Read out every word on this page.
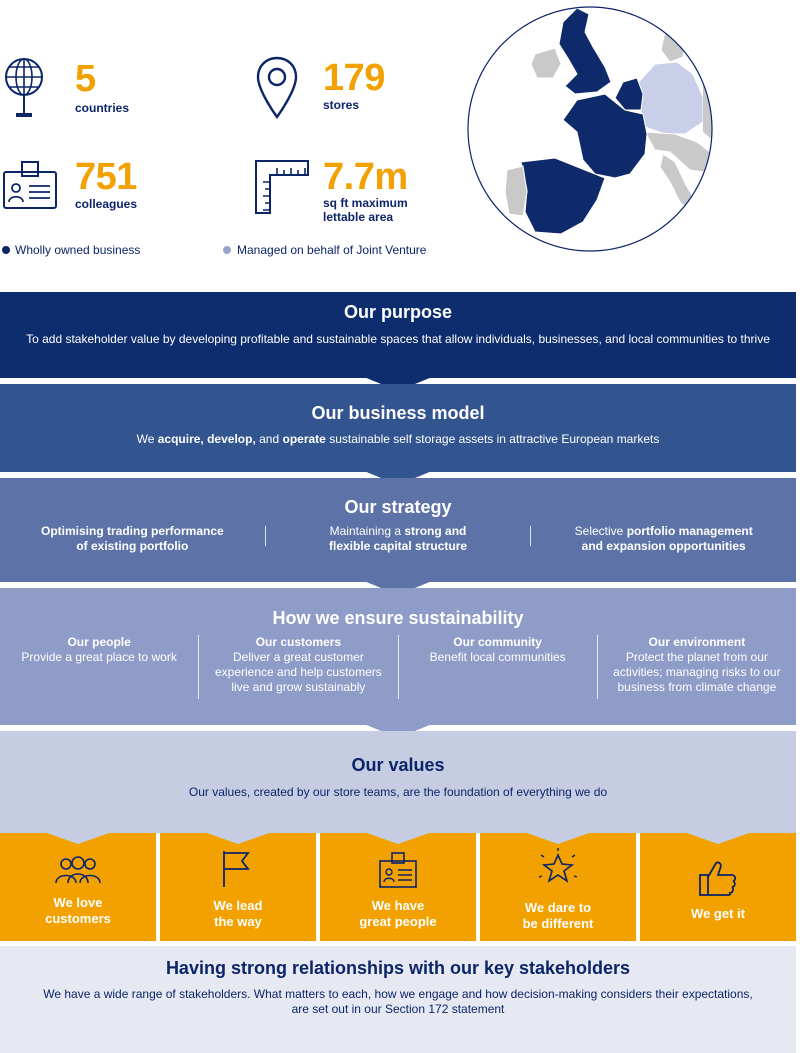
5
countries
179
stores
751
colleagues
7.7m
sq ft maximum
lettable area
Wholly owned business	Managed on behalf of Joint Venture
Our purpose
To add stakeholder value by developing profitable and sustainable spaces that allow individuals, businesses, and local communities to thrive
Our business model
We acquire, develop, and operate sustainable self storage assets in attractive European markets
Our strategy
Optimising trading performance
of existing portfolio
Maintaining a strong and
flexible capital structure
Selective portfolio management
and expansion opportunities
How we ensure sustainability
Our people
Provide a great place to work
Our customers
Deliver a great customer experience and help customers live and grow sustainably
Our community
Benefit local communities
Our environment
Protect the planet from our activities; managing risks to our business from climate change
Our values
Our values, created by our store teams, are the foundation of everything we do
We love
customers
We lead
the way
We have
great people
We dare to
be different
We get it
Having strong relationships with our key stakeholders
We have a wide range of stakeholders. What matters to each, how we engage and how decision-making considers their expectations,
are set out in our Section 172 statement
